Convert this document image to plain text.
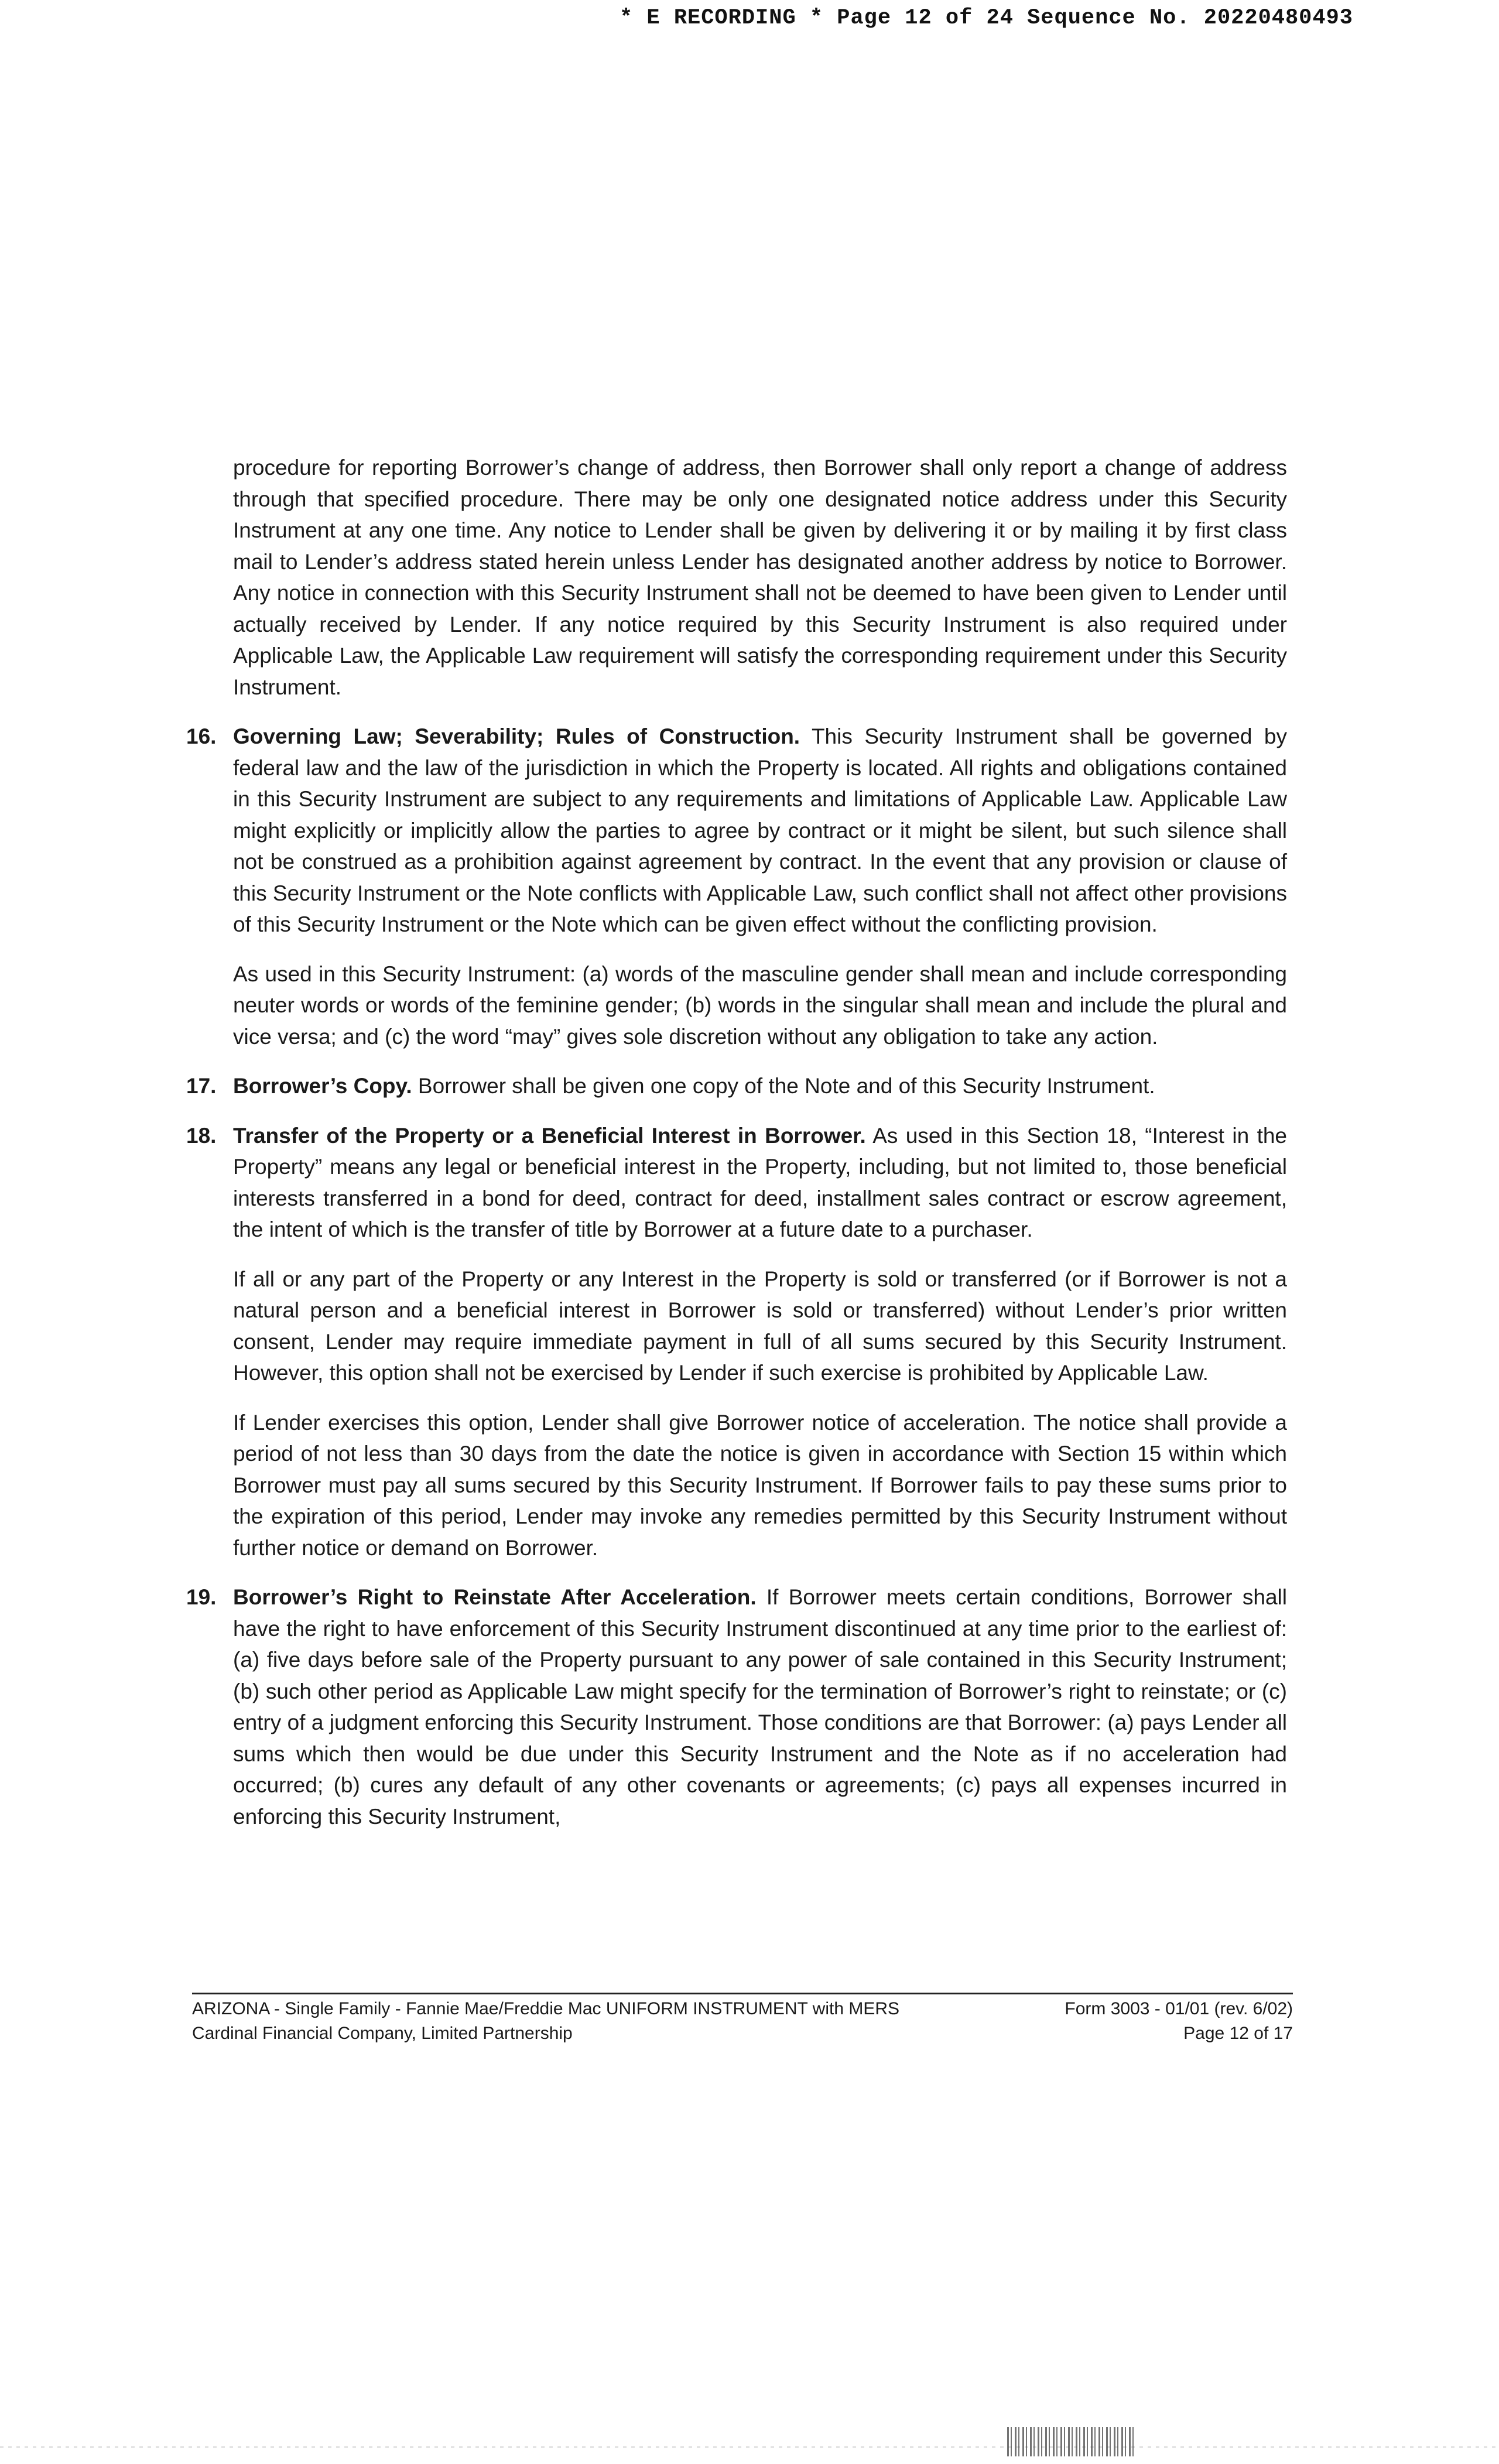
* E RECORDING * Page 12 of 24 Sequence No. 20220480493

procedure for reporting Borrower’s change of address, then Borrower shall only report a change of address through that specified procedure. There may be only one designated notice address under this Security Instrument at any one time. Any notice to Lender shall be given by delivering it or by mailing it by first class mail to Lender’s address stated herein unless Lender has designated another address by notice to Borrower. Any notice in connection with this Security Instrument shall not be deemed to have been given to Lender until actually received by Lender. If any notice required by this Security Instrument is also required under Applicable Law, the Applicable Law requirement will satisfy the corresponding requirement under this Security Instrument.

16. Governing Law; Severability; Rules of Construction. This Security Instrument shall be governed by federal law and the law of the jurisdiction in which the Property is located. All rights and obligations contained in this Security Instrument are subject to any requirements and limitations of Applicable Law. Applicable Law might explicitly or implicitly allow the parties to agree by contract or it might be silent, but such silence shall not be construed as a prohibition against agreement by contract. In the event that any provision or clause of this Security Instrument or the Note conflicts with Applicable Law, such conflict shall not affect other provisions of this Security Instrument or the Note which can be given effect without the conflicting provision.

As used in this Security Instrument: (a) words of the masculine gender shall mean and include corresponding neuter words or words of the feminine gender; (b) words in the singular shall mean and include the plural and vice versa; and (c) the word “may” gives sole discretion without any obligation to take any action.

17. Borrower’s Copy. Borrower shall be given one copy of the Note and of this Security Instrument.

18. Transfer of the Property or a Beneficial Interest in Borrower. As used in this Section 18, “Interest in the Property” means any legal or beneficial interest in the Property, including, but not limited to, those beneficial interests transferred in a bond for deed, contract for deed, installment sales contract or escrow agreement, the intent of which is the transfer of title by Borrower at a future date to a purchaser.

If all or any part of the Property or any Interest in the Property is sold or transferred (or if Borrower is not a natural person and a beneficial interest in Borrower is sold or transferred) without Lender’s prior written consent, Lender may require immediate payment in full of all sums secured by this Security Instrument. However, this option shall not be exercised by Lender if such exercise is prohibited by Applicable Law.

If Lender exercises this option, Lender shall give Borrower notice of acceleration. The notice shall provide a period of not less than 30 days from the date the notice is given in accordance with Section 15 within which Borrower must pay all sums secured by this Security Instrument. If Borrower fails to pay these sums prior to the expiration of this period, Lender may invoke any remedies permitted by this Security Instrument without further notice or demand on Borrower.

19. Borrower’s Right to Reinstate After Acceleration. If Borrower meets certain conditions, Borrower shall have the right to have enforcement of this Security Instrument discontinued at any time prior to the earliest of: (a) five days before sale of the Property pursuant to any power of sale contained in this Security Instrument; (b) such other period as Applicable Law might specify for the termination of Borrower’s right to reinstate; or (c) entry of a judgment enforcing this Security Instrument. Those conditions are that Borrower: (a) pays Lender all sums which then would be due under this Security Instrument and the Note as if no acceleration had occurred; (b) cures any default of any other covenants or agreements; (c) pays all expenses incurred in enforcing this Security Instrument,

ARIZONA - Single Family - Fannie Mae/Freddie Mac UNIFORM INSTRUMENT with MERS
Cardinal Financial Company, Limited Partnership
Form 3003 - 01/01 (rev. 6/02)
Page 12 of 17
